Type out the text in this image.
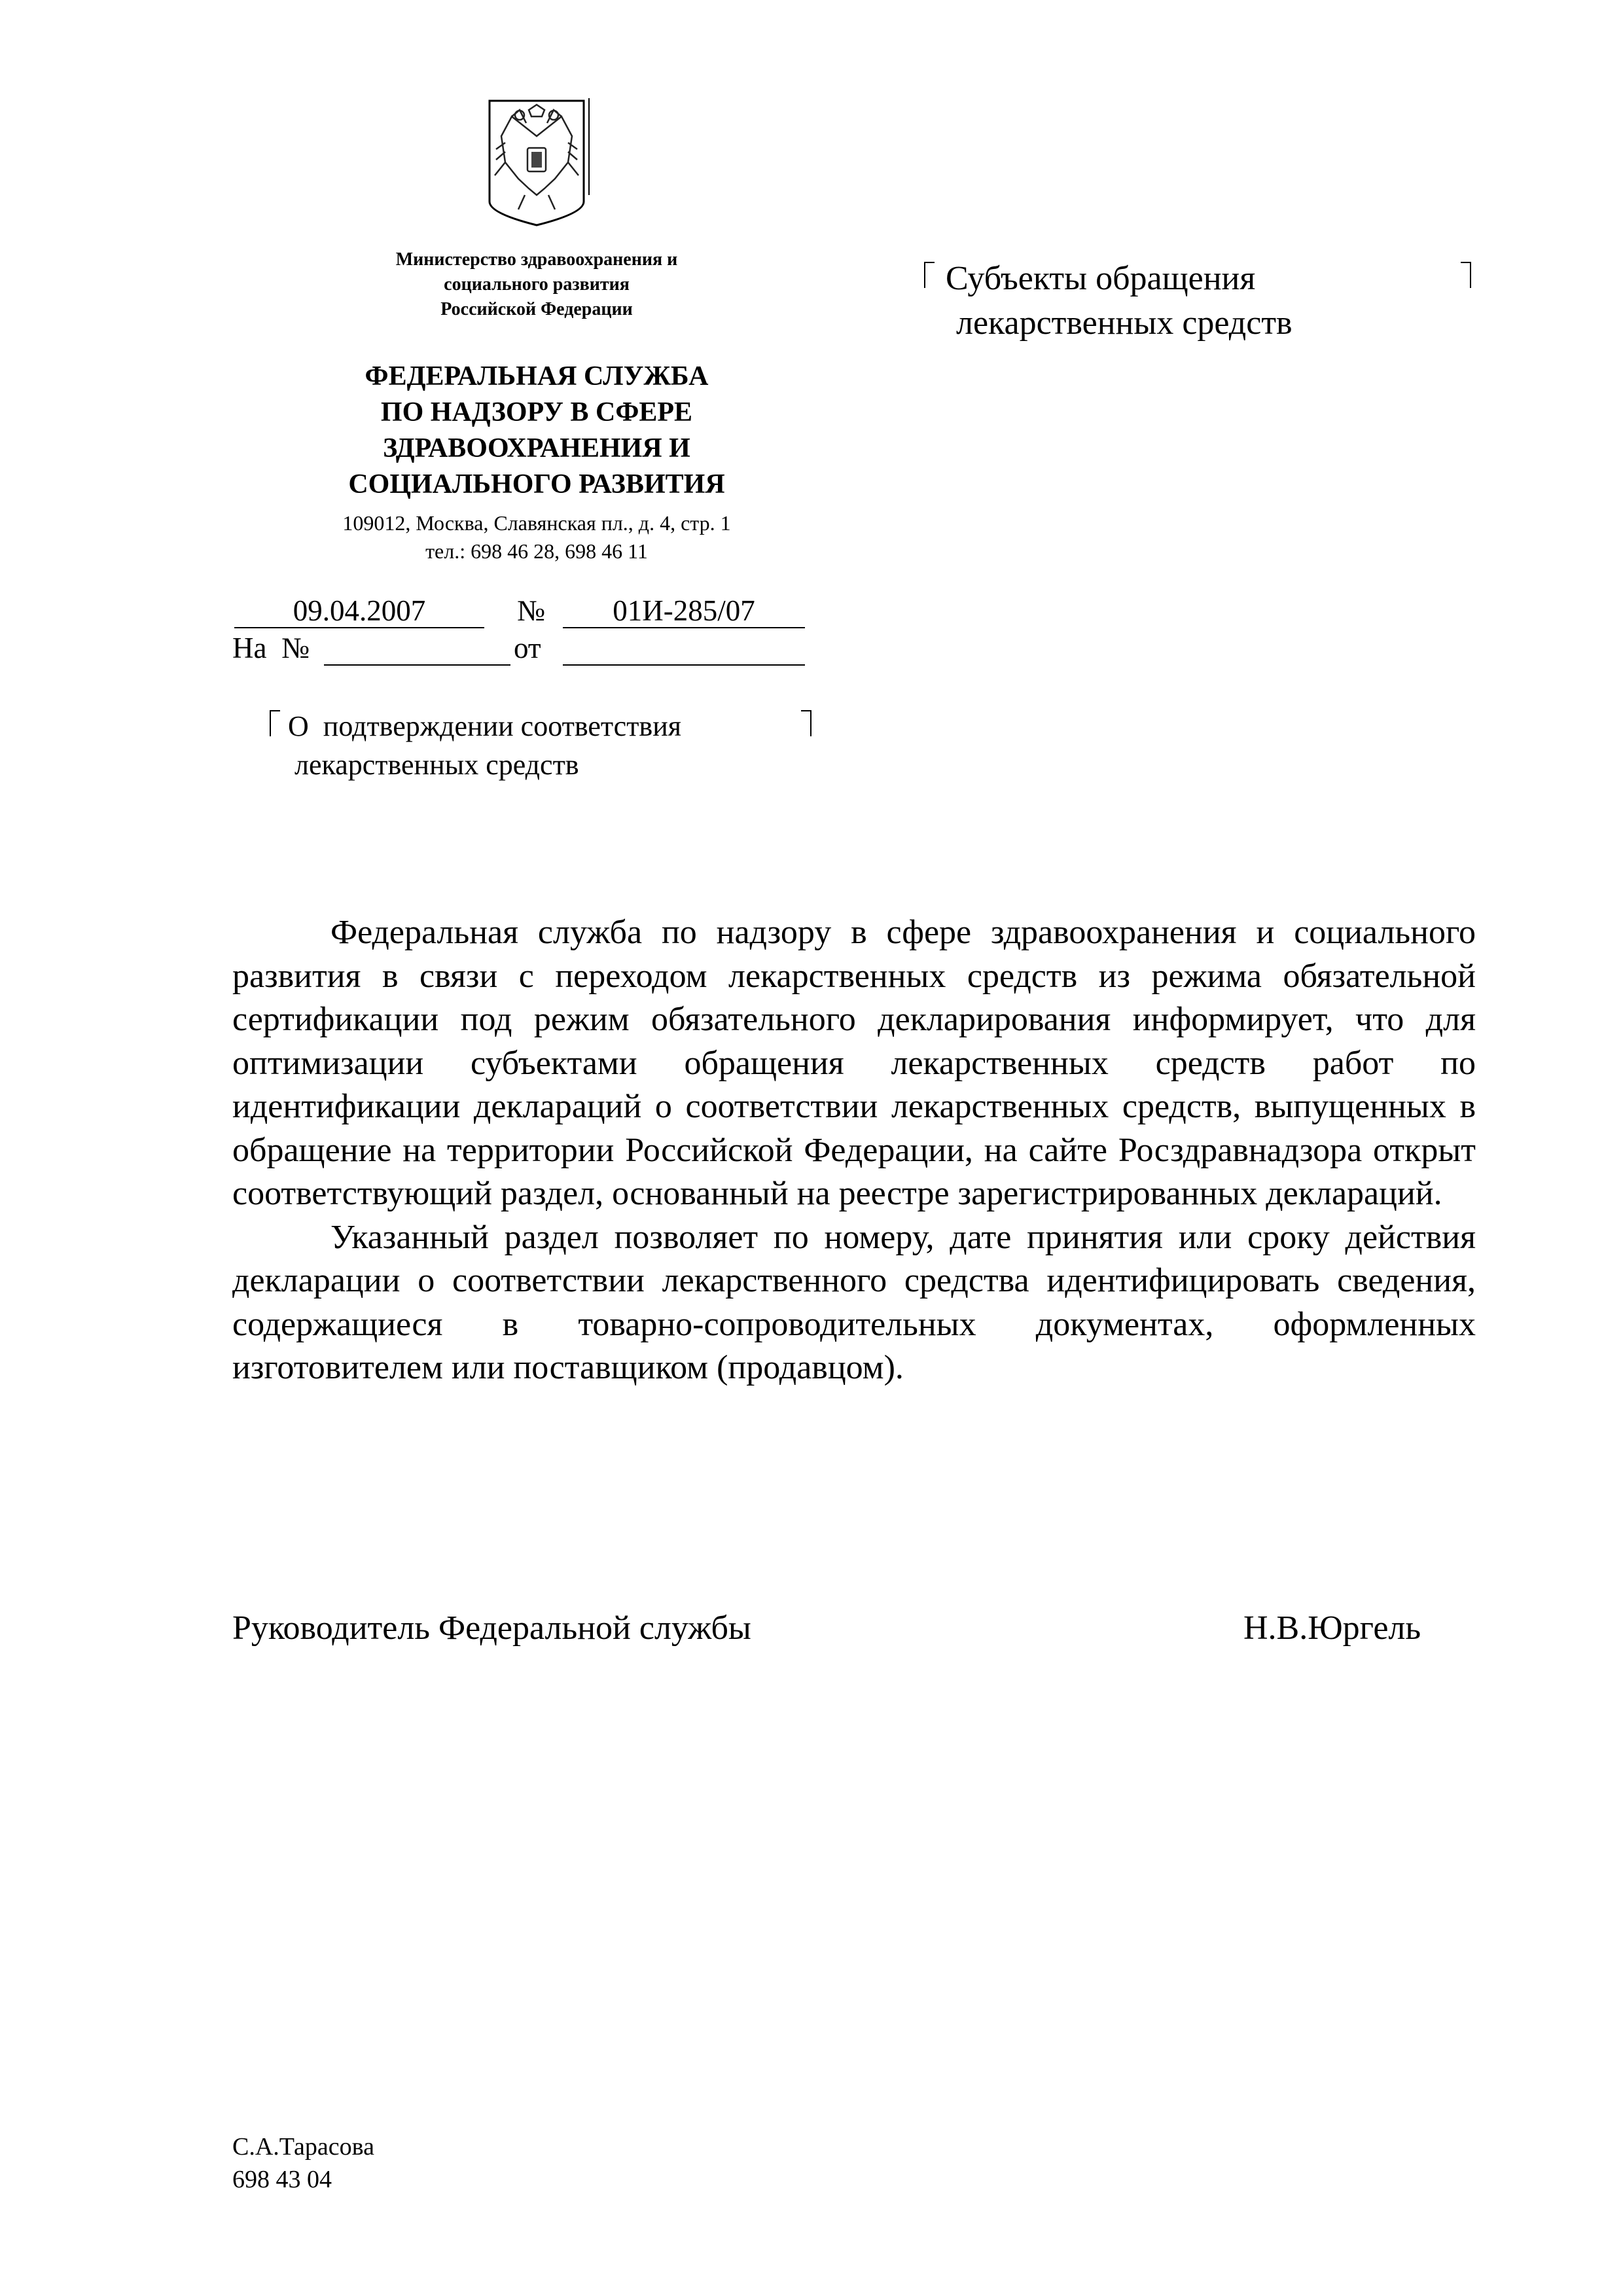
Министерство здравоохранения и
социального развития
Российской Федерации
ФЕДЕРАЛЬНАЯ СЛУЖБА
ПО НАДЗОРУ В СФЕРЕ
ЗДРАВООХРАНЕНИЯ И
СОЦИАЛЬНОГО РАЗВИТИЯ
109012, Москва, Славянская пл., д. 4, стр. 1
тел.: 698 46 28, 698 46 11
09.04.2007	№	01И-285/07
На  №	от
Субъекты обращения
лекарственных средств
О  подтверждении соответствия
лекарственных средств

Федеральная служба по надзору в сфере здравоохранения и социального развития в связи с переходом лекарственных средств из режима обязательной сертификации под режим обязательного декларирования информирует, что для оптимизации субъектами обращения лекарственных средств работ по идентификации деклараций о соответствии лекарственных средств, выпущенных в обращение на территории Российской Федерации, на сайте Росздравнадзора открыт соответствующий раздел, основанный на реестре зарегистрированных деклараций.

Указанный раздел позволяет по номеру, дате принятия или сроку действия декларации о соответствии лекарственного средства идентифицировать сведения, содержащиеся в товарно-сопроводительных документах, оформленных изготовителем или поставщиком (продавцом).

Руководитель Федеральной службы	Н.В.Юргель
С.А.Тарасова
698 43 04
